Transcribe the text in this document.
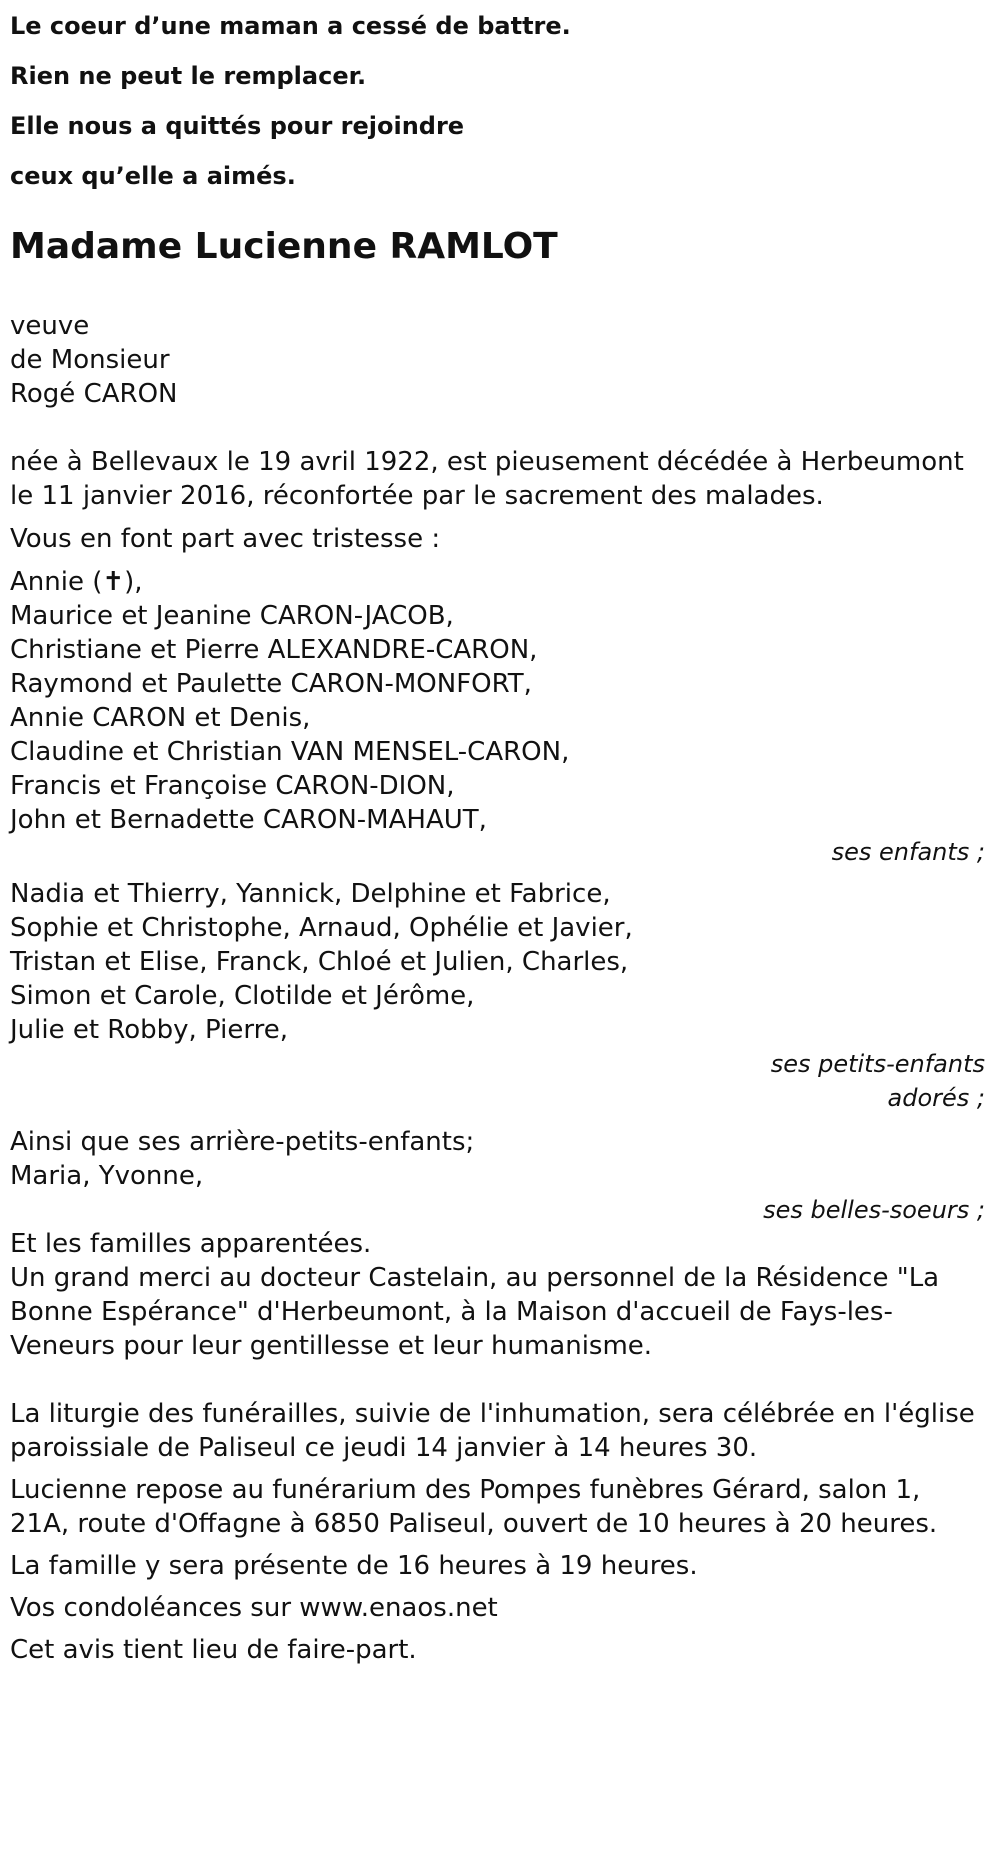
Le coeur d’une maman a cessé de battre.
Rien ne peut le remplacer.
Elle nous a quittés pour rejoindre
ceux qu’elle a aimés.
Madame Lucienne RAMLOT
veuve
de Monsieur
Rogé CARON
née à Bellevaux le 19 avril 1922, est pieusement décédée à Herbeumont
le 11 janvier 2016, réconfortée par le sacrement des malades.
Vous en font part avec tristesse :
Annie (✝),
Maurice et Jeanine CARON-JACOB,
Christiane et Pierre ALEXANDRE-CARON,
Raymond et Paulette CARON-MONFORT,
Annie CARON et Denis,
Claudine et Christian VAN MENSEL-CARON,
Francis et Françoise CARON-DION,
John et Bernadette CARON-MAHAUT,
ses enfants ;
Nadia et Thierry, Yannick, Delphine et Fabrice,
Sophie et Christophe, Arnaud, Ophélie et Javier,
Tristan et Elise, Franck, Chloé et Julien, Charles,
Simon et Carole, Clotilde et Jérôme,
Julie et Robby, Pierre,
ses petits-enfants
adorés ;
Ainsi que ses arrière-petits-enfants;
Maria, Yvonne,
ses belles-soeurs ;
Et les familles apparentées.
Un grand merci au docteur Castelain, au personnel de la Résidence "La
Bonne Espérance" d'Herbeumont, à la Maison d'accueil de Fays-les-
Veneurs pour leur gentillesse et leur humanisme.
La liturgie des funérailles, suivie de l'inhumation, sera célébrée en l'église
paroissiale de Paliseul ce jeudi 14 janvier à 14 heures 30.
Lucienne repose au funérarium des Pompes funèbres Gérard, salon 1,
21A, route d'Offagne à 6850 Paliseul, ouvert de 10 heures à 20 heures.
La famille y sera présente de 16 heures à 19 heures.
Vos condoléances sur www.enaos.net
Cet avis tient lieu de faire-part.
